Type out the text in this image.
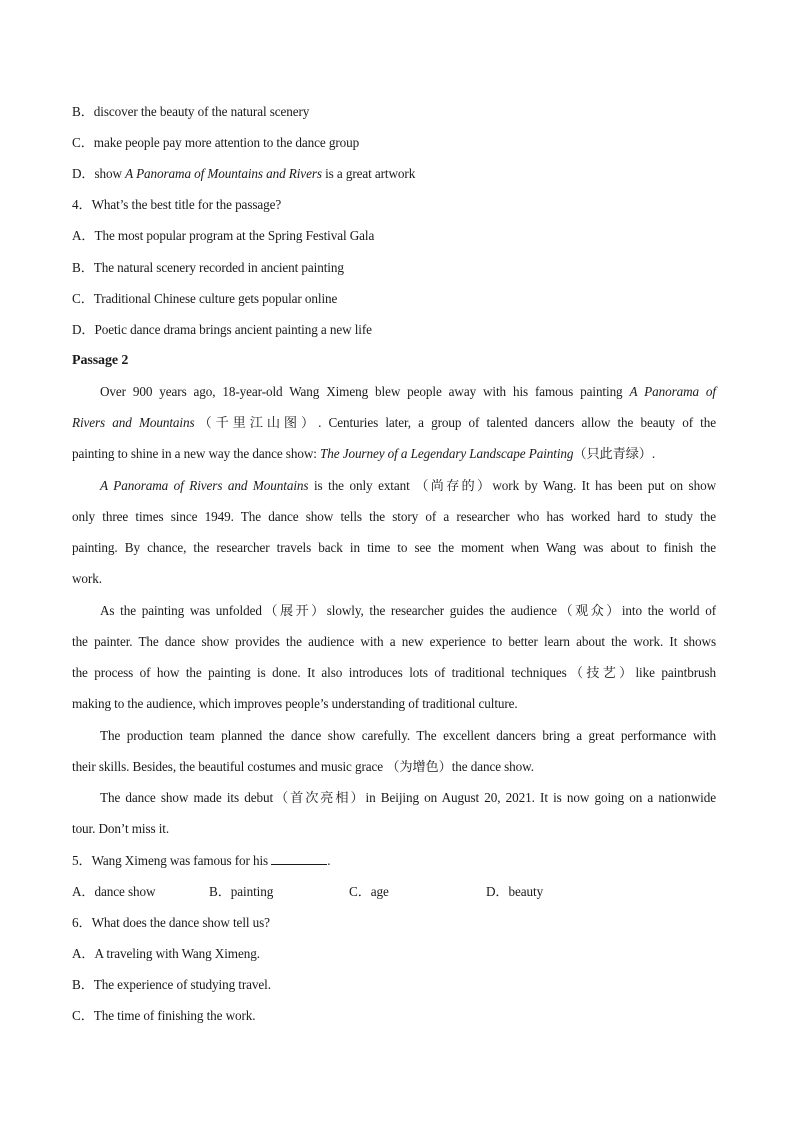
B．discover the beauty of the natural scenery
C．make people pay more attention to the dance group
D．show A Panorama of Mountains and Rivers is a great artwork
4．What’s the best title for the passage?
A．The most popular program at the Spring Festival Gala
B．The natural scenery recorded in ancient painting
C．Traditional Chinese culture gets popular online
D．Poetic dance drama brings ancient painting a new life
Passage 2
Over 900 years ago, 18-year-old Wang Ximeng blew people away with his famous painting A Panorama of
Rivers and Mountains（千里江山图）. Centuries later, a group of talented dancers allow the beauty of the
painting to shine in a new way the dance show: The Journey of a Legendary Landscape Painting（只此青绿）.
A Panorama of Rivers and Mountains is the only extant （尚存的）work by Wang. It has been put on show
only three times since 1949. The dance show tells the story of a researcher who has worked hard to study the
painting. By chance, the researcher travels back in time to see the moment when Wang was about to finish the
work.
As the painting was unfolded（展开）slowly, the researcher guides the audience（观众）into the world of
the painter. The dance show provides the audience with a new experience to better learn about the work. It shows
the process of how the painting is done. It also introduces lots of traditional techniques（技艺）like paintbrush
making to the audience, which improves people’s understanding of traditional culture.
The production team planned the dance show carefully. The excellent dancers bring a great performance with
their skills. Besides, the beautiful costumes and music grace （为增色）the dance show.
The dance show made its debut（首次亮相）in Beijing on August 20, 2021. It is now going on a nationwide
tour. Don’t miss it.
5．Wang Ximeng was famous for his	.
A．dance show	B．painting	C．age	D．beauty
6．What does the dance show tell us?
A．A traveling with Wang Ximeng.
B．The experience of studying travel.
C．The time of finishing the work.
